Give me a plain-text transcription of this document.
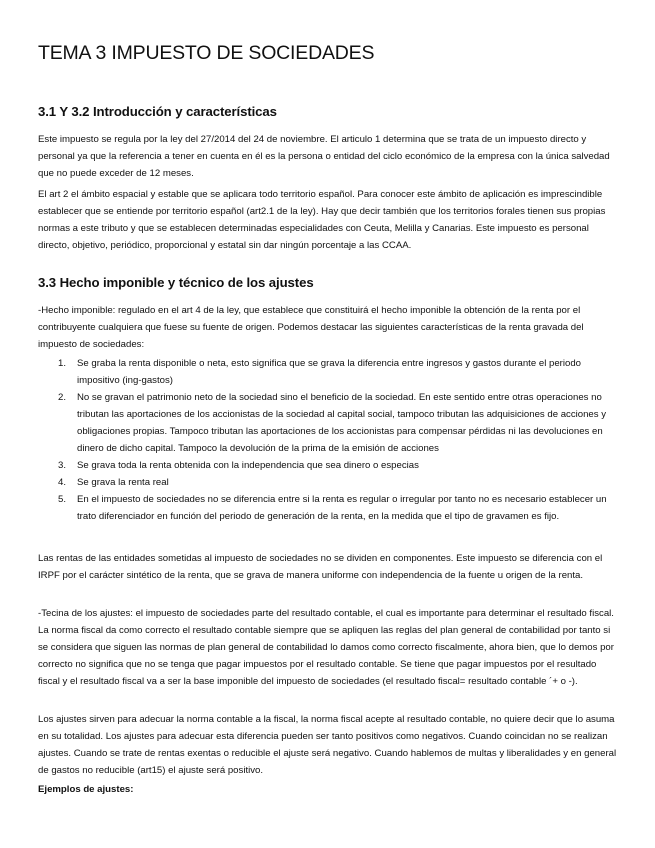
TEMA 3 IMPUESTO DE SOCIEDADES
3.1 Y 3.2 Introducción y características

Este impuesto se regula por la ley del 27/2014 del 24 de noviembre. El articulo 1 determina que se trata de un impuesto directo y personal ya que la referencia a tener en cuenta en él es la persona o entidad del ciclo económico de la empresa con la única salvedad que no puede exceder de 12 meses.

El art 2 el ámbito espacial y estable que se aplicara todo territorio español. Para conocer este ámbito de aplicación es imprescindible establecer que se entiende por territorio español (art2.1 de la ley). Hay que decir también que los territorios forales tienen sus propias normas a este tributo y que se establecen determinadas especialidades con Ceuta, Melilla y Canarias. Este impuesto es personal directo, objetivo, periódico, proporcional y estatal sin dar ningún porcentaje a las CCAA.

3.3 Hecho imponible y técnico de los ajustes

-Hecho imponible: regulado en el art 4 de la ley, que establece que constituirá el hecho imponible la obtención de la renta por el contribuyente cualquiera que fuese su fuente de origen. Podemos destacar las siguientes características de la renta gravada del impuesto de sociedades:

1. Se graba la renta disponible o neta, esto significa que se grava la diferencia entre ingresos y gastos durante el periodo impositivo (ing-gastos)
2. No se gravan el patrimonio neto de la sociedad sino el beneficio de la sociedad. En este sentido entre otras operaciones no tributan las aportaciones de los accionistas de la sociedad al capital social, tampoco tributan las adquisiciones de acciones y obligaciones propias. Tampoco tributan las aportaciones de los accionistas para compensar pérdidas ni las devoluciones en dinero de dicho capital. Tampoco la devolución de la prima de la emisión de acciones
3. Se grava toda la renta obtenida con la independencia que sea dinero o especias
4. Se grava la renta real
5. En el impuesto de sociedades no se diferencia entre si la renta es regular o irregular por tanto no es necesario establecer un trato diferenciador en función del periodo de generación de la renta, en la medida que el tipo de gravamen es fijo.

Las rentas de las entidades sometidas al impuesto de sociedades no se dividen en componentes. Este impuesto se diferencia con el IRPF por el carácter sintético de la renta, que se grava de manera uniforme con independencia de la fuente u origen de la renta.

-Tecina de los ajustes: el impuesto de sociedades parte del resultado contable, el cual es importante para determinar el resultado fiscal. La norma fiscal da como correcto el resultado contable siempre que se apliquen las reglas del plan general de contabilidad por tanto si se considera que siguen las normas de plan general de contabilidad lo damos como correcto fiscalmente, ahora bien, que lo demos por correcto no significa que no se tenga que pagar impuestos por el resultado contable. Se tiene que pagar impuestos por el resultado fiscal y el resultado fiscal va a ser la base imponible del impuesto de sociedades (el resultado fiscal= resultado contable ´+ o -).

Los ajustes sirven para adecuar la norma contable a la fiscal, la norma fiscal acepte al resultado contable, no quiere decir que lo asuma en su totalidad. Los ajustes para adecuar esta diferencia pueden ser tanto positivos como negativos. Cuando coincidan no se realizan ajustes. Cuando se trate de rentas exentas o reducible el ajuste será negativo. Cuando hablemos de multas y liberalidades y en general de gastos no reducible (art15) el ajuste será positivo.

Ejemplos de ajustes:
